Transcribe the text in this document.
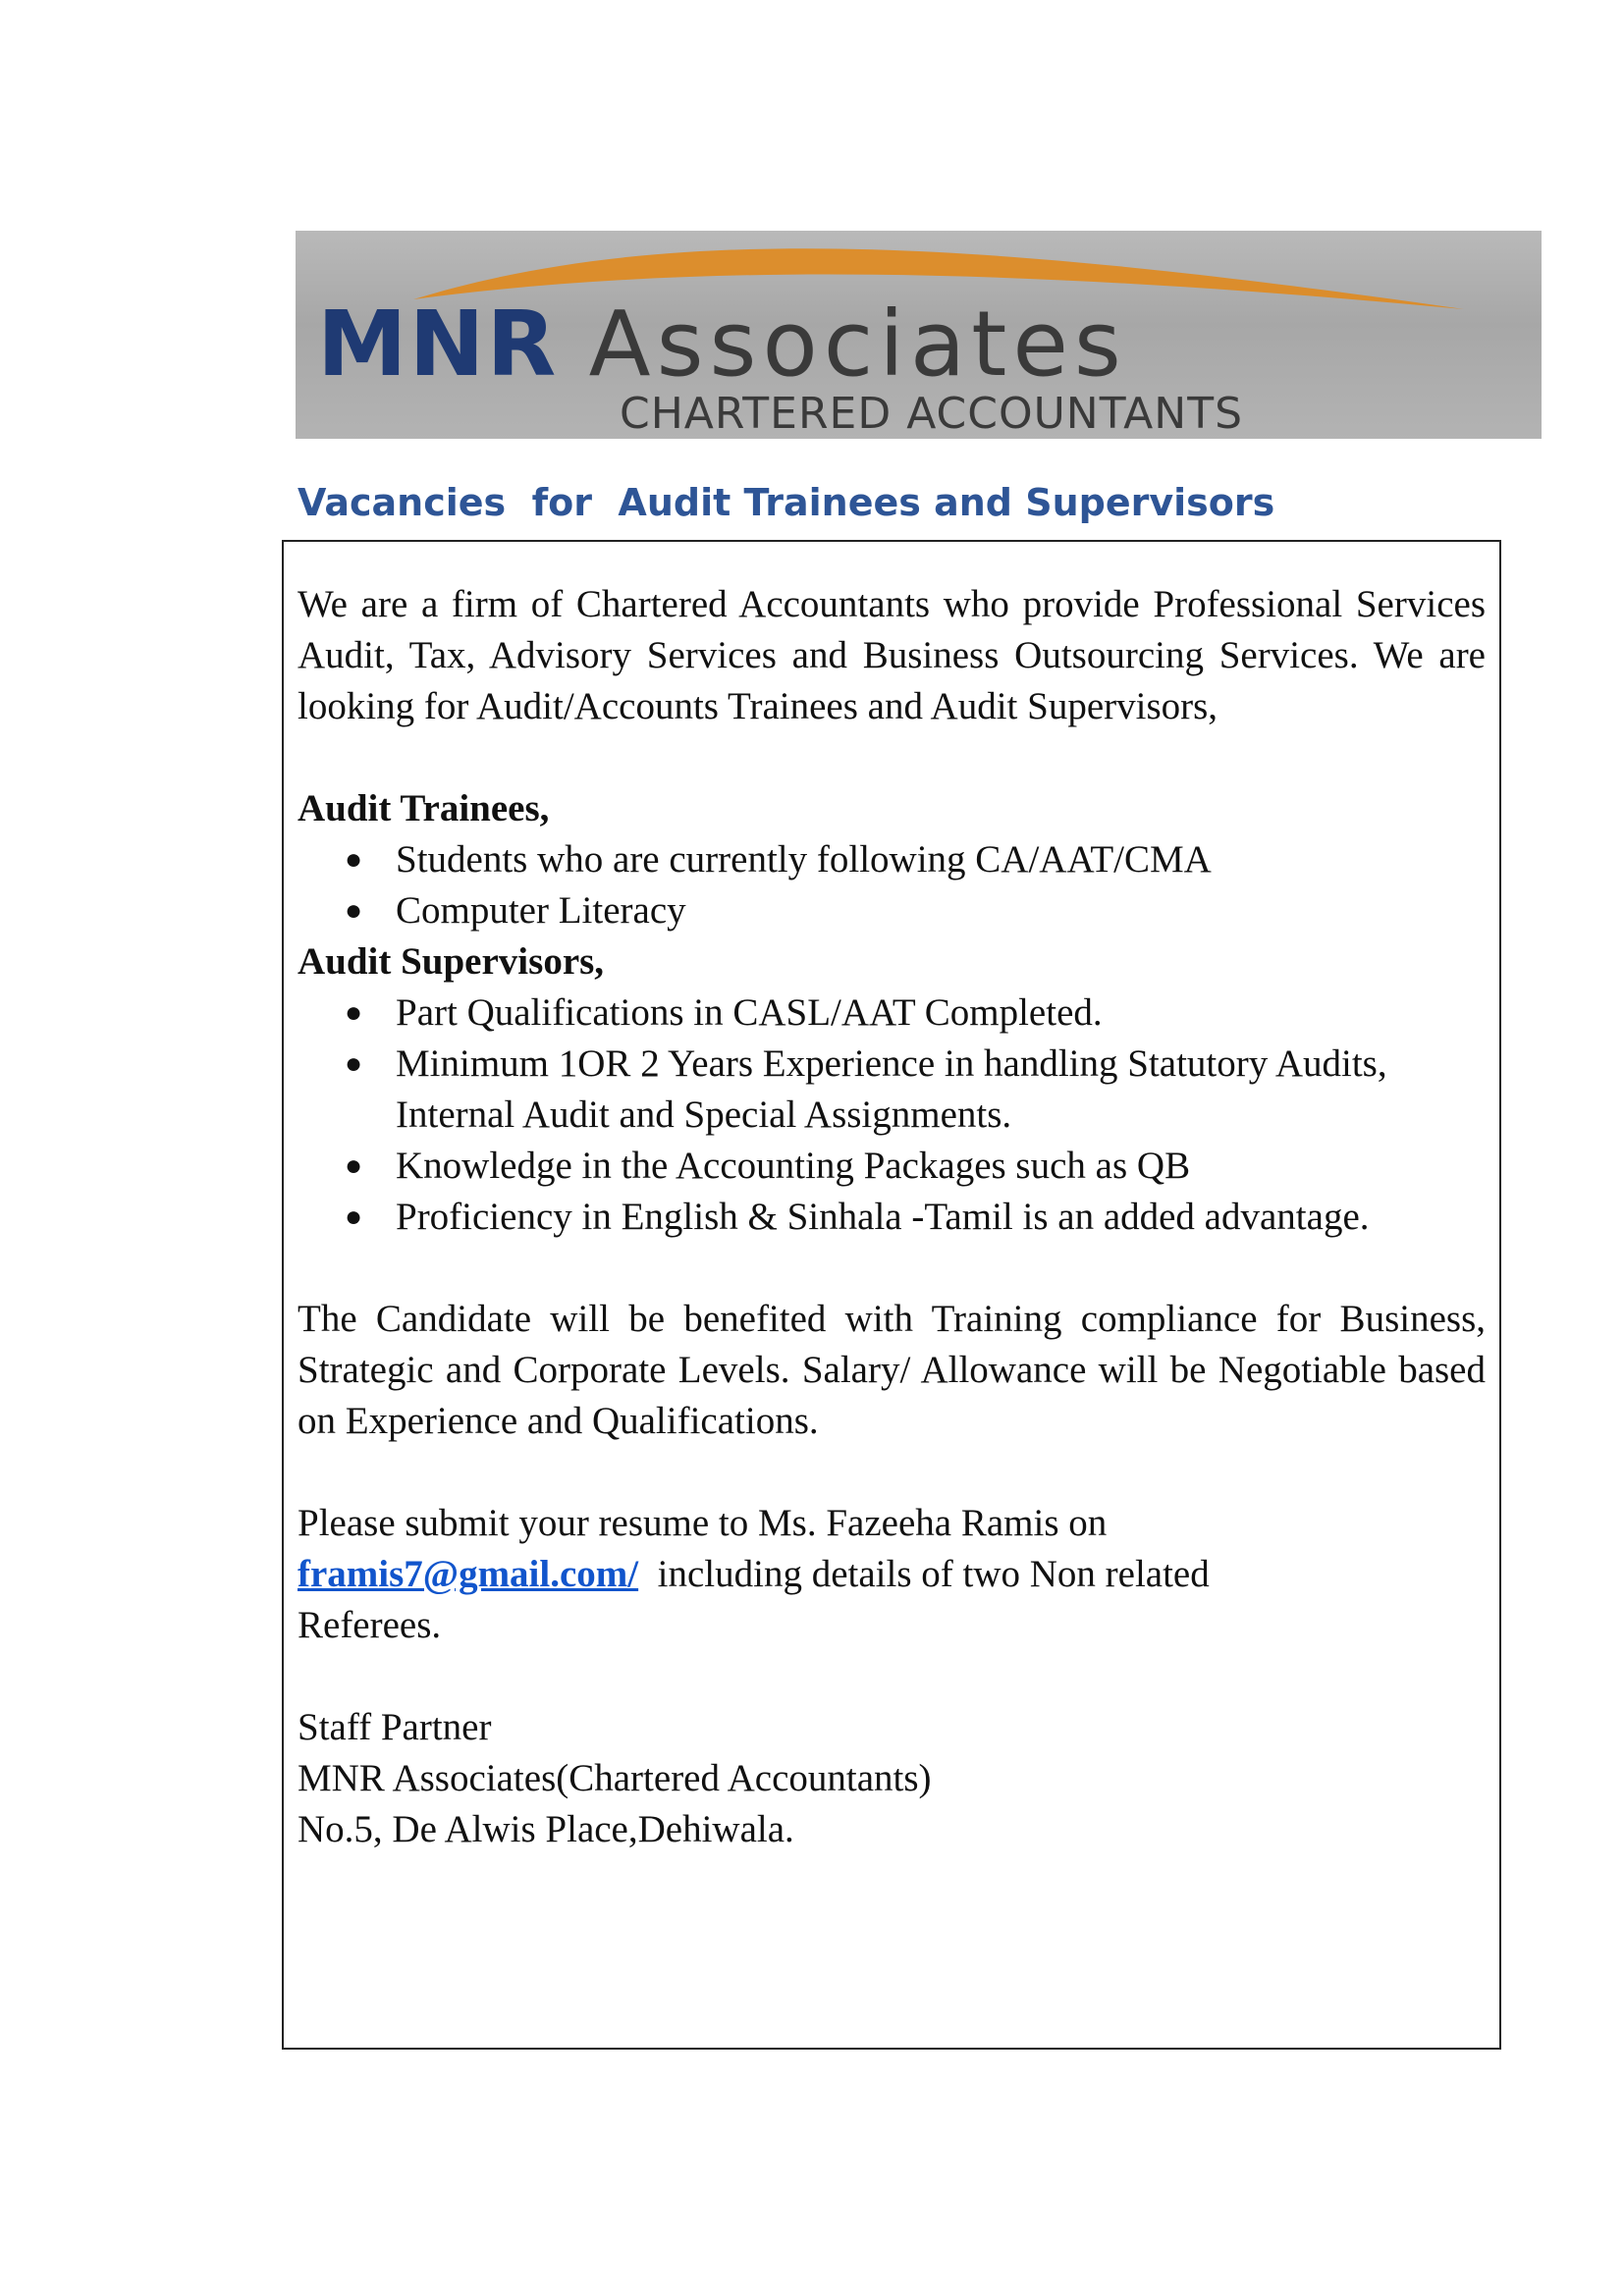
MNR Associates
CHARTERED ACCOUNTANTS
Vacancies  for  Audit Trainees and Supervisors

We are a firm of Chartered Accountants who provide Professional Services Audit, Tax, Advisory Services and Business Outsourcing Services. We are looking for Audit/Accounts Trainees and Audit Supervisors,

Audit Trainees,

● Students who are currently following CA/AAT/CMA
● Computer Literacy

Audit Supervisors,

● Part Qualifications in CASL/AAT Completed.
● Minimum 1OR 2 Years Experience in handling Statutory Audits, Internal Audit and Special Assignments.
● Knowledge in the Accounting Packages such as QB
● Proficiency in English & Sinhala -Tamil is an added advantage.

The Candidate will be benefited with Training compliance for Business, Strategic and Corporate Levels. Salary/ Allowance will be Negotiable based on Experience and Qualifications.

Please submit your resume to Ms. Fazeeha Ramis on

framis7@gmail.com/  including details of two Non related

Referees.

Staff Partner

MNR Associates(Chartered Accountants)

No.5, De Alwis Place,Dehiwala.
